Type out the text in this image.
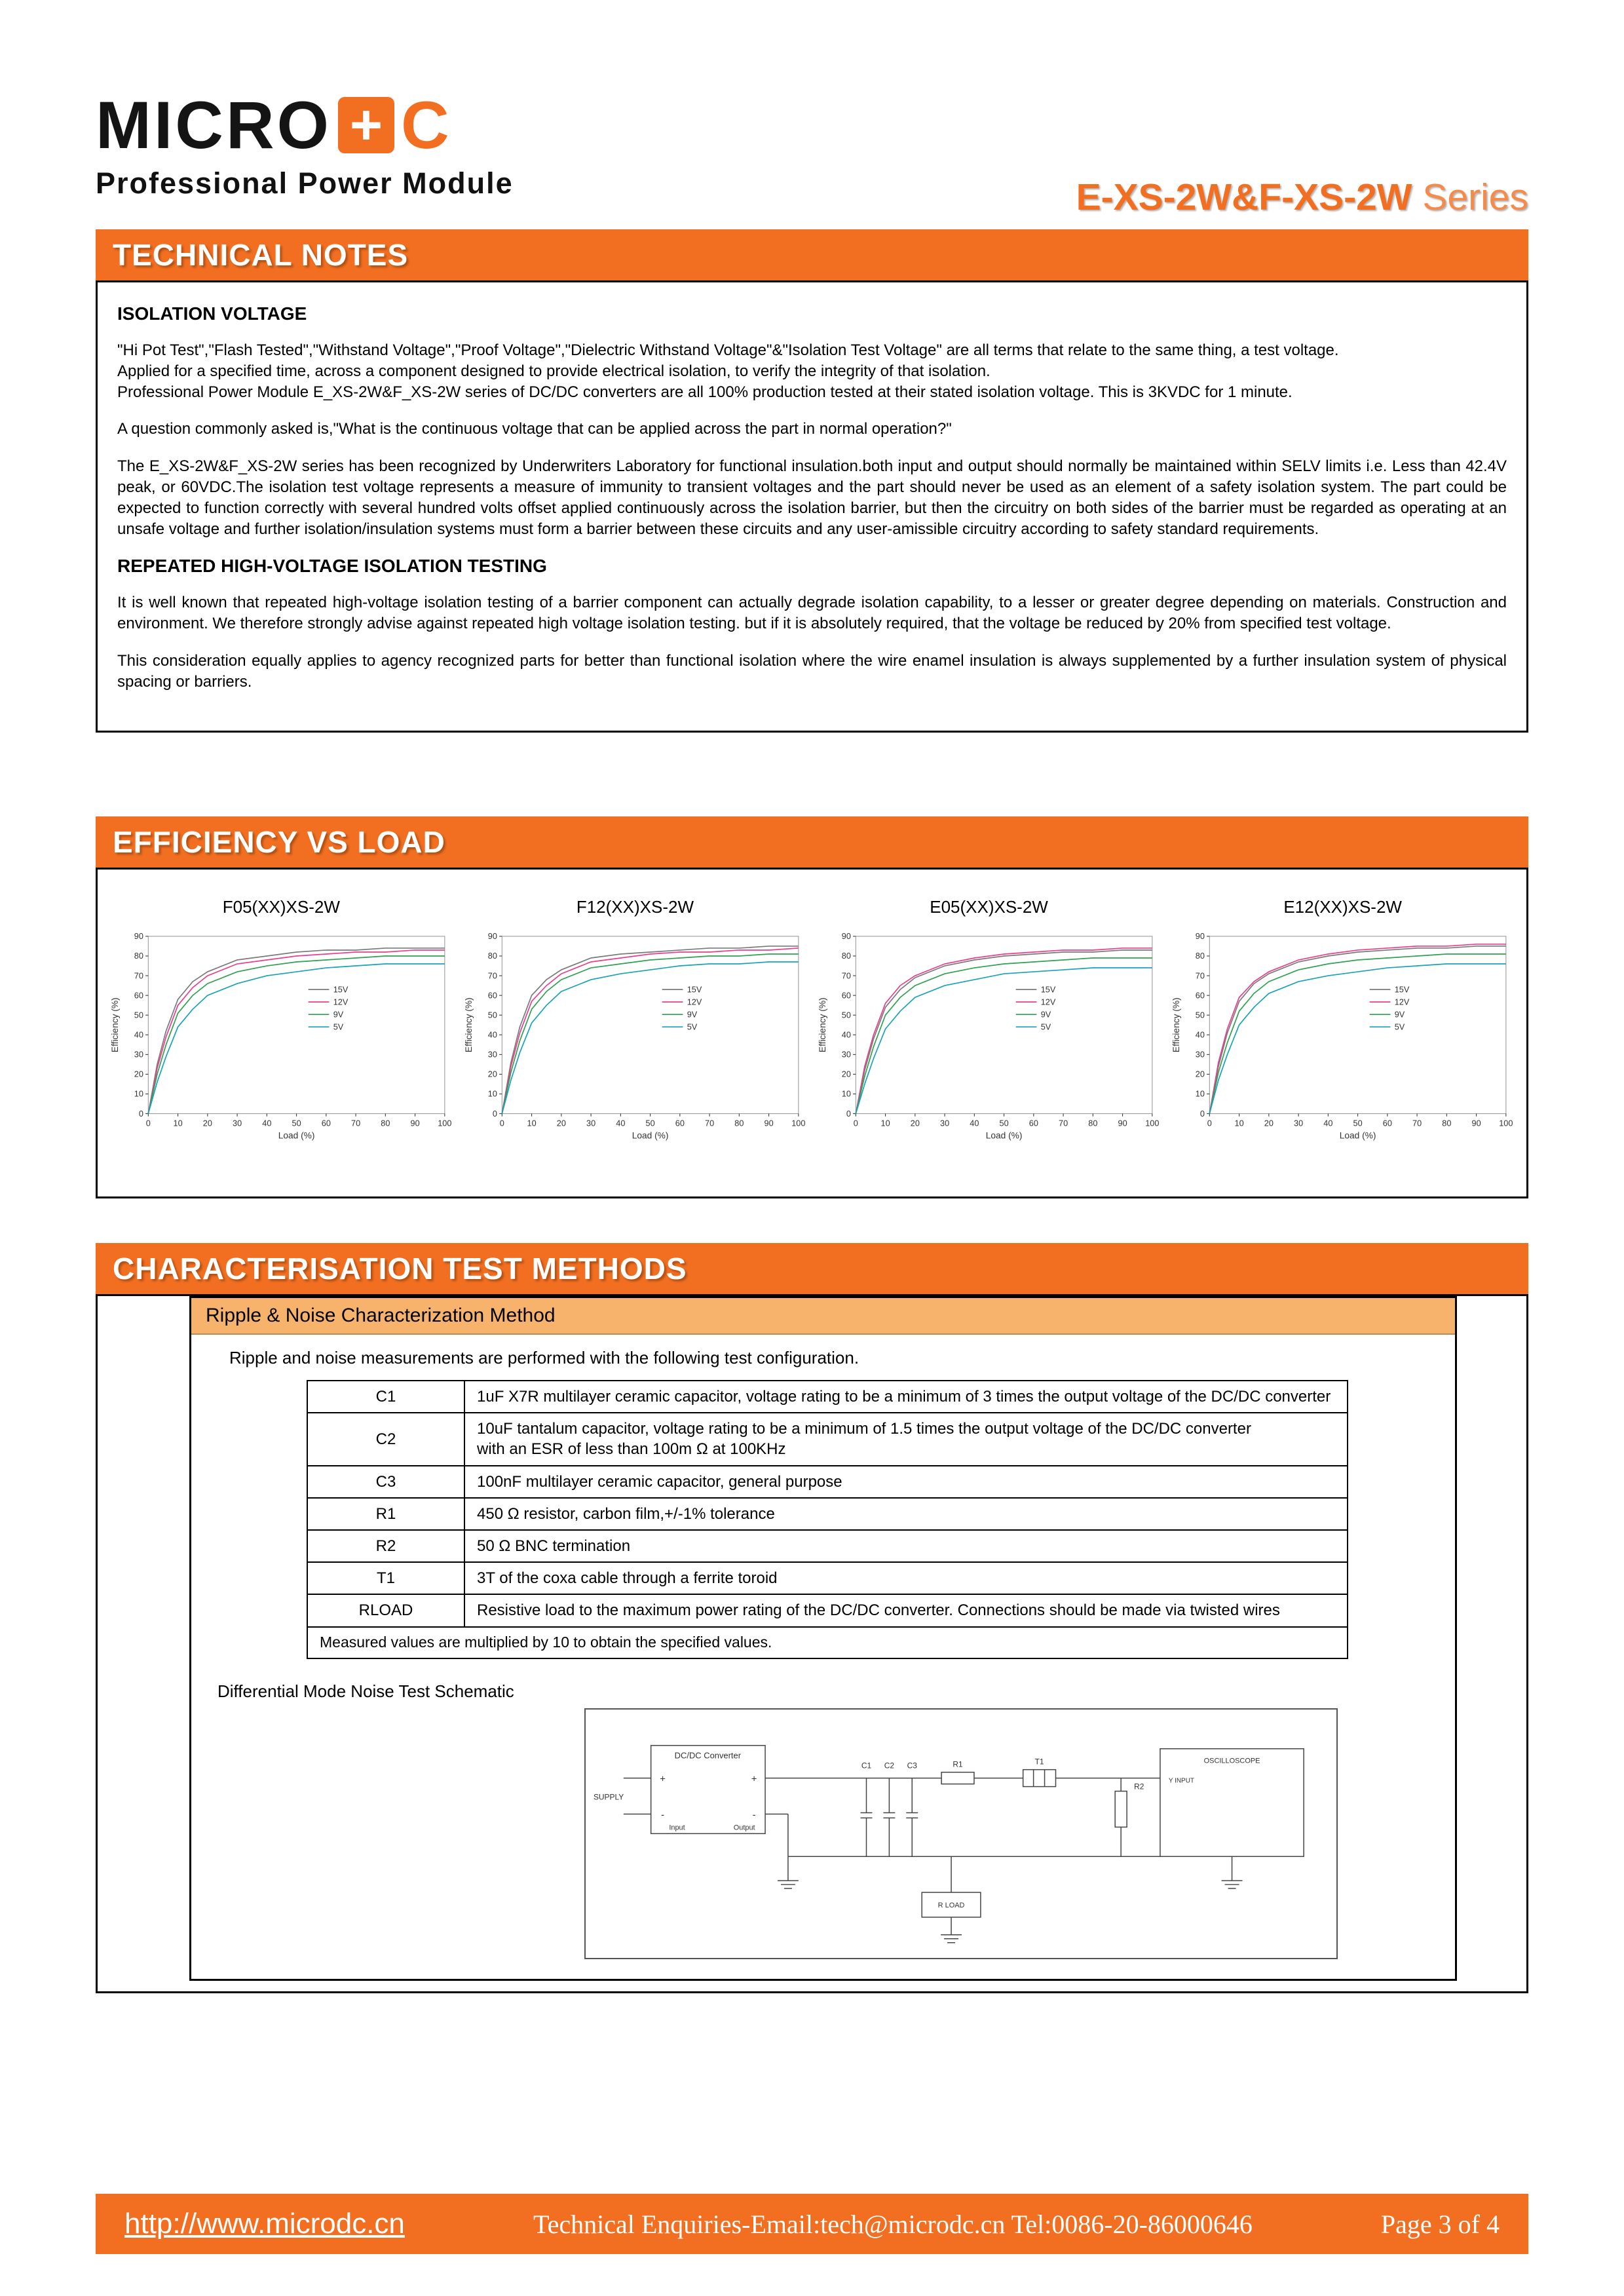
MICRO + C
Professional Power Module	E-XS-2W&F-XS-2W Series
TECHNICAL NOTES
ISOLATION VOLTAGE

"Hi Pot Test","Flash Tested","Withstand Voltage","Proof Voltage","Dielectric Withstand Voltage"&"Isolation Test Voltage" are all terms that relate to the same thing, a test voltage.
Applied for a specified time, across a component designed to provide electrical isolation, to verify the integrity of that isolation.
Professional Power Module E_XS-2W&F_XS-2W series of DC/DC converters are all 100% production tested at their stated isolation voltage. This is 3KVDC for 1 minute.

A question commonly asked is,"What is the continuous voltage that can be applied across the part in normal operation?"

The E_XS-2W&F_XS-2W series has been recognized by Underwriters Laboratory for functional insulation.both input and output should normally be maintained within SELV limits i.e. Less than 42.4V peak, or 60VDC.The isolation test voltage represents a measure of immunity to transient voltages and the part should never be used as an element of a safety isolation system. The part could be expected to function correctly with several hundred volts offset applied continuously across the isolation barrier, but then the circuitry on both sides of the barrier must be regarded as operating at an unsafe voltage and further isolation/insulation systems must form a barrier between these circuits and any user-amissible circuitry according to safety standard requirements.

REPEATED HIGH-VOLTAGE ISOLATION TESTING

It is well known that repeated high-voltage isolation testing of a barrier component can actually degrade isolation capability, to a lesser or greater degree depending on materials. Construction and environment. We therefore strongly advise against repeated high voltage isolation testing. but if it is absolutely required, that the voltage be reduced by 20% from specified test voltage.

This consideration equally applies to agency recognized parts for better than functional isolation where the wire enamel insulation is always supplemented by a further insulation system of physical spacing or barriers.

EFFICIENCY VS LOAD
F05(XX)XS-2W
0
10
20
30
40
50
60
70
80
90
0	10	20	30	40	50	60	70	80	90 100
Load (%)
Efficiency (%)
15V
12V
9V
5V
F12(XX)XS-2W
0
10
20
30
40
50
60
70
80
90
0	10	20	30	40	50	60	70	80	90 100
Load (%)
Efficiency (%)
15V
12V
9V
5V
E05(XX)XS-2W
0
10
20
30
40
50
60
70
80
90
0	10	20	30	40	50	60	70	80	90 100
Load (%)
Efficiency (%)
15V
12V
9V
5V
E12(XX)XS-2W
0
10
20
30
40
50
60
70
80
90
0	10	20	30	40	50	60	70	80	90 100
Load (%)
Efficiency (%)
15V
12V
9V
5V
CHARACTERISATION TEST METHODS
Ripple & Noise Characterization Method
Ripple and noise measurements are performed with the following test configuration.
C1	1uF X7R multilayer ceramic capacitor, voltage rating to be a minimum of 3 times the output voltage of the DC/DC converter
C2	10uF tantalum capacitor, voltage rating to be a minimum of 1.5 times the output voltage of the DC/DC converter
with an ESR of less than 100m Ω at 100KHz
C3	100nF multilayer ceramic capacitor, general purpose
R1	450 Ω resistor, carbon film,+/-1% tolerance
R2	50 Ω BNC termination
T1	3T of the coxa cable through a ferrite toroid
RLOAD	Resistive load to the maximum power rating of the DC/DC converter. Connections should be made via twisted wires
Measured values are multiplied by 10 to obtain the specified values.	
Differential Mode Noise Test Schematic
DC/DC Converter
SUPPLY
+
-
+
-
Input	Output
C1 C2 C3	R1	T1
R2
OSCILLOSCOPE
Y INPUT
R LOAD
http://www.microdc.cn	Technical Enquiries-Email:tech@microdc.cn Tel:0086-20-86000646	Page 3 of 4
